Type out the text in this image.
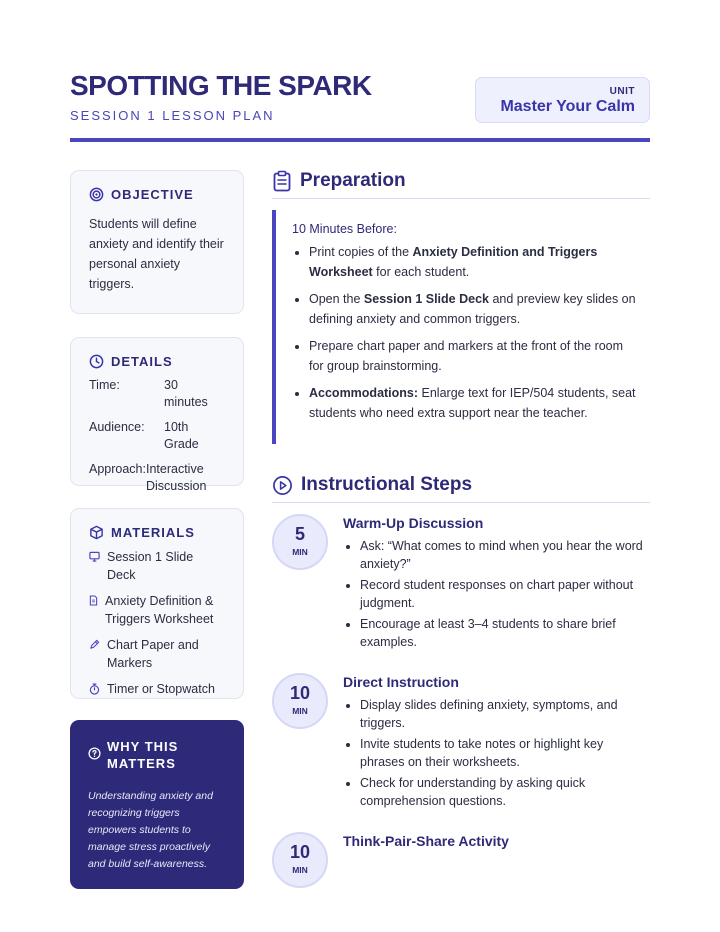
SPOTTING THE SPARK
SESSION 1 LESSON PLAN
UNIT
Master Your Calm
OBJECTIVE
Students will define anxiety and identify their personal anxiety triggers.
DETAILS
Time:	30 minutes
Audience:	10th Grade
Approach: Interactive Discussion
MATERIALS
Session 1 Slide Deck
Anxiety Definition & Triggers Worksheet
Chart Paper and Markers
Timer or Stopwatch
WHY THIS MATTERS
Understanding anxiety and recognizing triggers empowers students to manage stress proactively and build self-awareness.
Preparation
10 Minutes Before:
• Print copies of the Anxiety Definition and Triggers Worksheet for each student.
• Open the Session 1 Slide Deck and preview key slides on defining anxiety and common triggers.
• Prepare chart paper and markers at the front of the room for group brainstorming.
• Accommodations: Enlarge text for IEP/504 students, seat students who need extra support near the teacher.
Instructional Steps
5
MIN
Warm-Up Discussion
• Ask: “What comes to mind when you hear the word anxiety?”
• Record student responses on chart paper without judgment.
• Encourage at least 3–4 students to share brief examples.
10
MIN
Direct Instruction
• Display slides defining anxiety, symptoms, and triggers.
• Invite students to take notes or highlight key phrases on their worksheets.
• Check for understanding by asking quick comprehension questions.
10
MIN
Think-Pair-Share Activity
